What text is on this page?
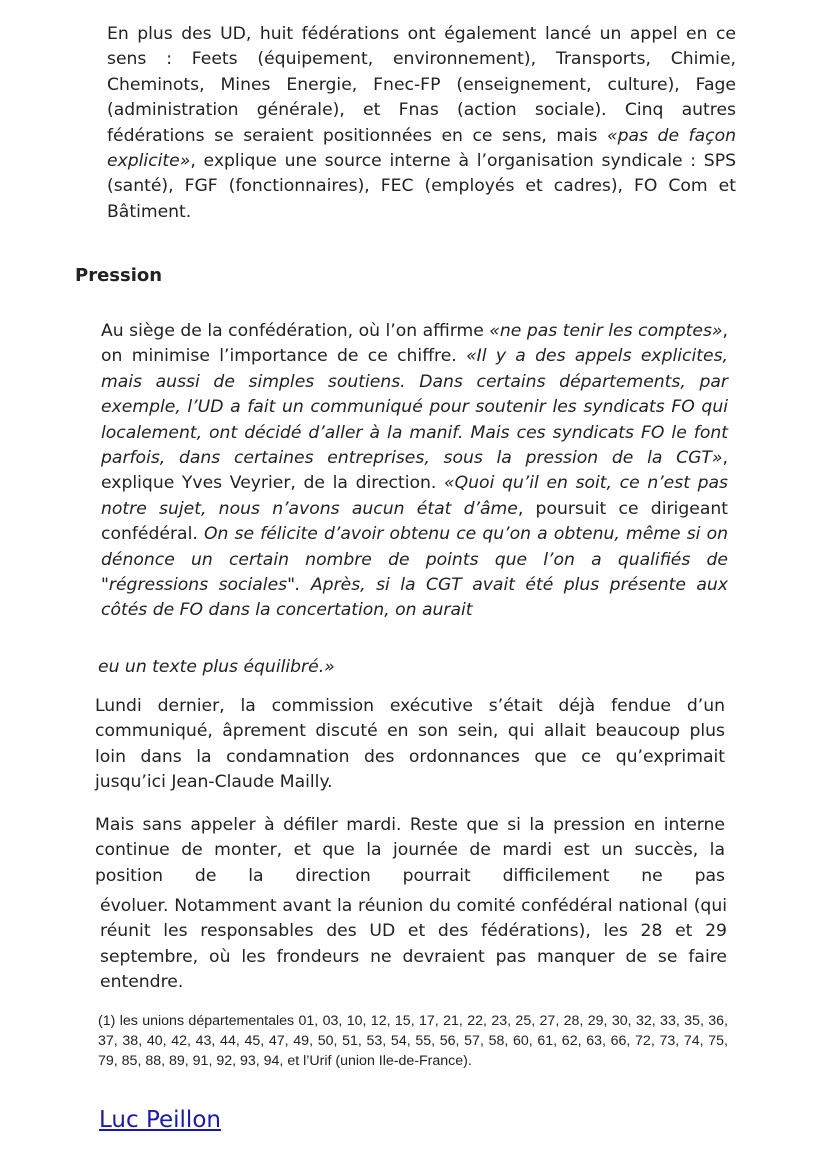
En plus des UD, huit fédérations ont également lancé un appel en ce sens : Feets (équipement, environnement), Transports, Chimie, Cheminots, Mines Energie, Fnec-FP (enseignement, culture), Fage (administration générale), et Fnas (action sociale). Cinq autres fédérations se seraient positionnées en ce sens, mais «pas de façon explicite», explique une source interne à l’organisation syndicale : SPS (santé), FGF (fonctionnaires), FEC (employés et cadres), FO Com et Bâtiment.

Pression

Au siège de la confédération, où l’on affirme «ne pas tenir les comptes», on minimise l’importance de ce chiffre. «Il y a des appels explicites, mais aussi de simples soutiens. Dans certains départements, par exemple, l’UD a fait un communiqué pour soutenir les syndicats FO qui localement, ont décidé d’aller à la manif. Mais ces syndicats FO le font parfois, dans certaines entreprises, sous la pression de la CGT», explique Yves Veyrier, de la direction. «Quoi qu’il en soit, ce n’est pas notre sujet, nous n’avons aucun état d’âme, poursuit ce dirigeant confédéral. On se félicite d’avoir obtenu ce qu’on a obtenu, même si on dénonce un certain nombre de points que l’on a qualifiés de "régressions sociales". Après, si la CGT avait été plus présente aux côtés de FO dans la concertation, on aurait

eu un texte plus équilibré.»

Lundi dernier, la commission exécutive s’était déjà fendue d’un communiqué, âprement discuté en son sein, qui allait beaucoup plus loin dans la condamnation des ordonnances que ce qu’exprimait jusqu’ici Jean-Claude Mailly.

Mais sans appeler à défiler mardi. Reste que si la pression en interne continue de monter, et que la journée de mardi est un succès, la position de la direction pourrait difficilement ne pas

évoluer. Notamment avant la réunion du comité confédéral national (qui réunit les responsables des UD et des fédérations), les 28 et 29 septembre, où les frondeurs ne devraient pas manquer de se faire entendre.

(1) les unions départementales 01, 03, 10, 12, 15, 17, 21, 22, 23, 25, 27, 28, 29, 30, 32, 33, 35, 36, 37, 38, 40, 42, 43, 44, 45, 47, 49, 50, 51, 53, 54, 55, 56, 57, 58, 60, 61, 62, 63, 66, 72, 73, 74, 75, 79, 85, 88, 89, 91, 92, 93, 94, et l’Urif (union Ile-de-France).

Luc Peillon
